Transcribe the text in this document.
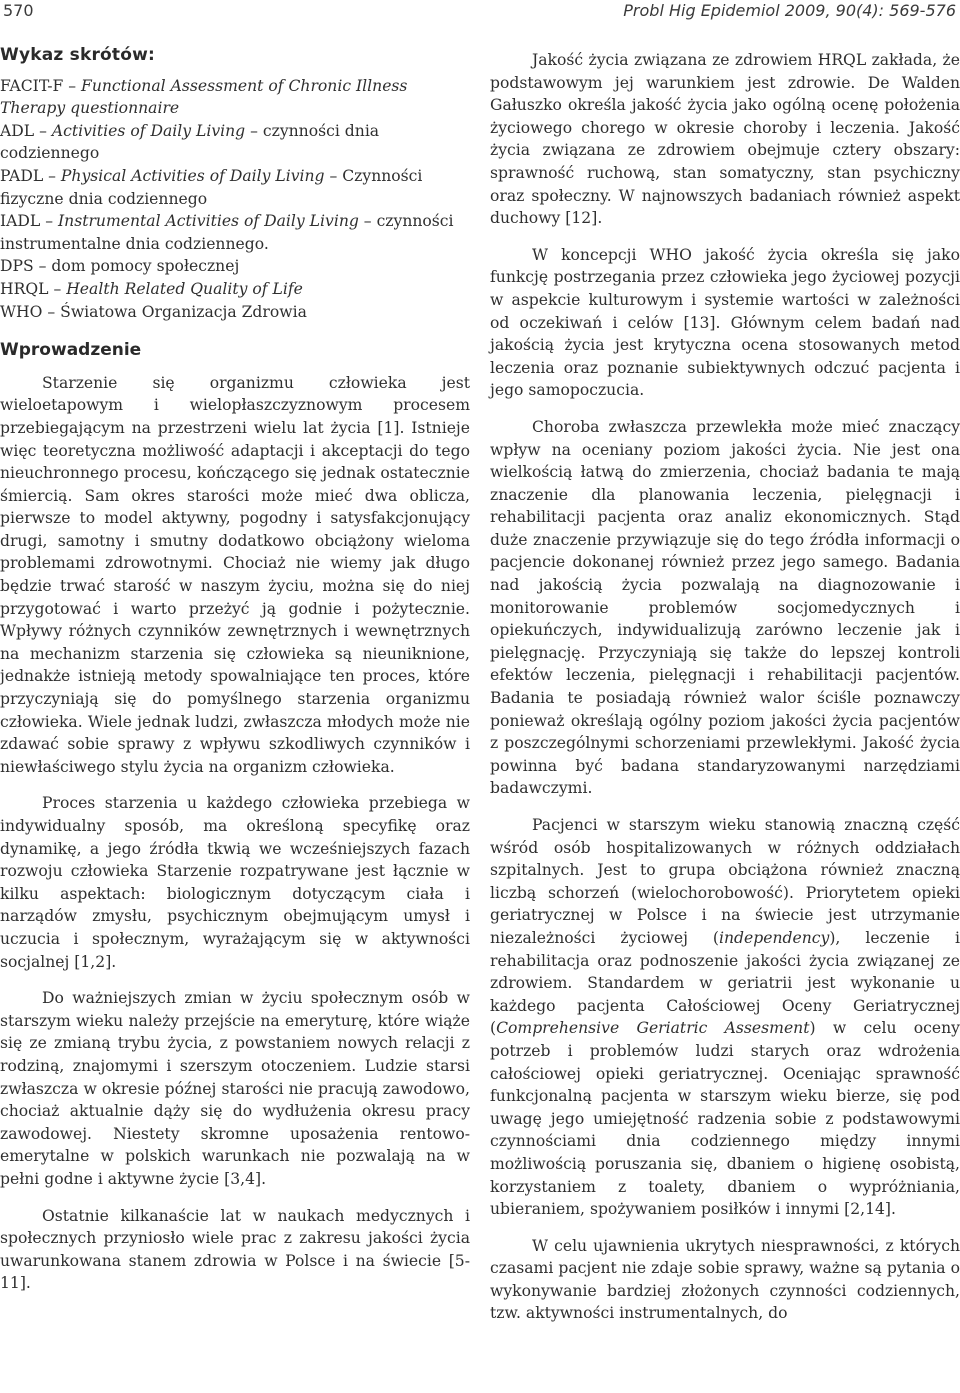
570	Probl Hig Epidemiol 2009, 90(4): 569-576
Wykaz skrótów:
FACIT-F – Functional Assessment of Chronic Illness Therapy questionnaire
ADL – Activities of Daily Living – czynności dnia codziennego
PADL – Physical Activities of Daily Living – Czynności fizyczne dnia codziennego
IADL – Instrumental Activities of Daily Living – czynności instrumentalne dnia codziennego.
DPS – dom pomocy społecznej
HRQL – Health Related Quality of Life
WHO – Światowa Organizacja Zdrowia
Wprowadzenie

Starzenie się organizmu człowieka jest wieloetapowym i wielopłaszczyznowym procesem przebiegającym na przestrzeni wielu lat życia [1]. Istnieje więc teoretyczna możliwość adaptacji i akceptacji do tego nieuchronnego procesu, kończącego się jednak ostatecznie śmiercią. Sam okres starości może mieć dwa oblicza, pierwsze to model aktywny, pogodny i satysfakcjonujący drugi, samotny i smutny dodatkowo obciążony wieloma problemami zdrowotnymi. Chociaż nie wiemy jak długo będzie trwać starość w naszym życiu, można się do niej przygotować i warto przeżyć ją godnie i pożytecznie. Wpływy różnych czynników zewnętrznych i wewnętrznych na mechanizm starzenia się człowieka są nieuniknione, jednakże istnieją metody spowalniające ten proces, które przyczyniają się do pomyślnego starzenia organizmu człowieka. Wiele jednak ludzi, zwłaszcza młodych może nie zdawać sobie sprawy z wpływu szkodliwych czynników i niewłaściwego stylu życia na organizm człowieka.

Proces starzenia u każdego człowieka przebiega w indywidualny sposób, ma określoną specyfikę oraz dynamikę, a jego źródła tkwią we wcześniejszych fazach rozwoju człowieka Starzenie rozpatrywane jest łącznie w kilku aspektach: biologicznym dotyczącym ciała i narządów zmysłu, psychicznym obejmującym umysł i uczucia i społecznym, wyrażającym się w aktywności socjalnej [1,2].

Do ważniejszych zmian w życiu społecznym osób w starszym wieku należy przejście na emeryturę, które wiąże się ze zmianą trybu życia, z powstaniem nowych relacji z rodziną, znajomymi i szerszym otoczeniem. Ludzie starsi zwłaszcza w okresie późnej starości nie pracują zawodowo, chociaż aktualnie dąży się do wydłużenia okresu pracy zawodowej. Niestety skromne uposażenia rentowo-emerytalne w polskich warunkach nie pozwalają na w pełni godne i aktywne życie [3,4].

Ostatnie kilkanaście lat w naukach medycznych i społecznych przyniosło wiele prac z zakresu jakości życia uwarunkowana stanem zdrowia w Polsce i na świecie [5-11].

Jakość życia związana ze zdrowiem HRQL zakłada, że podstawowym jej warunkiem jest zdrowie. De Walden Gałuszko określa jakość życia jako ogólną ocenę położenia życiowego chorego w okresie choroby i leczenia. Jakość życia związana ze zdrowiem obejmuje cztery obszary: sprawność ruchową, stan somatyczny, stan psychiczny oraz społeczny. W najnowszych badaniach również aspekt duchowy [12].

W koncepcji WHO jakość życia określa się jako funkcję postrzegania przez człowieka jego życiowej pozycji w aspekcie kulturowym i systemie wartości w zależności od oczekiwań i celów [13]. Głównym celem badań nad jakością życia jest krytyczna ocena stosowanych metod leczenia oraz poznanie subiektywnych odczuć pacjenta i jego samopoczucia.

Choroba zwłaszcza przewlekła może mieć znaczący wpływ na oceniany poziom jakości życia. Nie jest ona wielkością łatwą do zmierzenia, chociaż badania te mają znaczenie dla planowania leczenia, pielęgnacji i rehabilitacji pacjenta oraz analiz ekonomicznych. Stąd duże znaczenie przywiązuje się do tego źródła informacji o pacjencie dokonanej również przez jego samego. Badania nad jakością życia pozwalają na diagnozowanie i monitorowanie problemów socjomedycznych i opiekuńczych, indywidualizują zarówno leczenie jak i pielęgnację. Przyczyniają się także do lepszej kontroli efektów leczenia, pielęgnacji i rehabilitacji pacjentów. Badania te posiadają również walor ściśle poznawczy ponieważ określają ogólny poziom jakości życia pacjentów z poszczególnymi schorzeniami przewlekłymi. Jakość życia powinna być badana standaryzowanymi narzędziami badawczymi.

Pacjenci w starszym wieku stanowią znaczną część wśród osób hospitalizowanych w różnych oddziałach szpitalnych. Jest to grupa obciążona również znaczną liczbą schorzeń (wielochorobowość). Priorytetem opieki geriatrycznej w Polsce i na świecie jest utrzymanie niezależności życiowej (independency), leczenie i rehabilitacja oraz podnoszenie jakości życia związanej ze zdrowiem. Standardem w geriatrii jest wykonanie u każdego pacjenta Całościowej Oceny Geriatrycznej (Comprehensive Geriatric Assesment) w celu oceny potrzeb i problemów ludzi starych oraz wdrożenia całościowej opieki geriatrycznej. Oceniając sprawność funkcjonalną pacjenta w starszym wieku bierze, się pod uwagę jego umiejętność radzenia sobie z podstawowymi czynnościami dnia codziennego między innymi możliwością poruszania się, dbaniem o higienę osobistą, korzystaniem z toalety, dbaniem o wypróżniania, ubieraniem, spożywaniem posiłków i innymi [2,14].

W celu ujawnienia ukrytych niesprawności, z których czasami pacjent nie zdaje sobie sprawy, ważne są pytania o wykonywanie bardziej złożonych czynności codziennych, tzw. aktywności instrumentalnych, do
